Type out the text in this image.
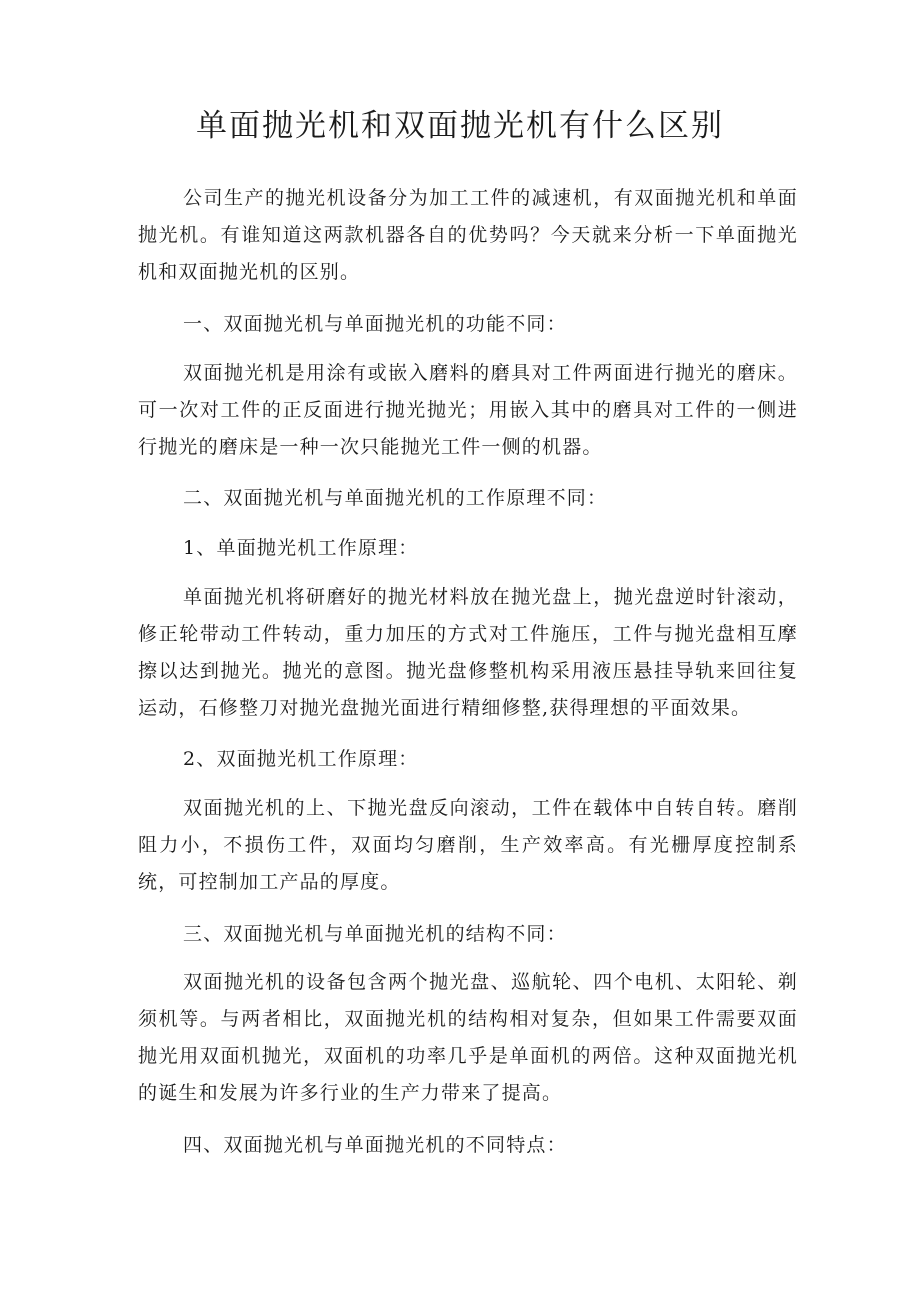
单面抛光机和双面抛光机有什么区别

公司生产的抛光机设备分为加工工件的减速机，有双面抛光机和单面抛光机。有谁知道这两款机器各自的优势吗？今天就来分析一下单面抛光机和双面抛光机的区别。

一、双面抛光机与单面抛光机的功能不同：

双面抛光机是用涂有或嵌入磨料的磨具对工件两面进行抛光的磨床。可一次对工件的正反面进行抛光抛光；用嵌入其中的磨具对工件的一侧进行抛光的磨床是一种一次只能抛光工件一侧的机器。

二、双面抛光机与单面抛光机的工作原理不同：

1、单面抛光机工作原理：

单面抛光机将研磨好的抛光材料放在抛光盘上，抛光盘逆时针滚动，修正轮带动工件转动，重力加压的方式对工件施压，工件与抛光盘相互摩擦以达到抛光。抛光的意图。抛光盘修整机构采用液压悬挂导轨来回往复运动，石修整刀对抛光盘抛光面进行精细修整,获得理想的平面效果。

2、双面抛光机工作原理：

双面抛光机的上、下抛光盘反向滚动，工件在载体中自转自转。磨削阻力小，不损伤工件，双面均匀磨削，生产效率高。有光栅厚度控制系统，可控制加工产品的厚度。

三、双面抛光机与单面抛光机的结构不同：

双面抛光机的设备包含两个抛光盘、巡航轮、四个电机、太阳轮、剃须机等。与两者相比，双面抛光机的结构相对复杂，但如果工件需要双面抛光用双面机抛光，双面机的功率几乎是单面机的两倍。这种双面抛光机的诞生和发展为许多行业的生产力带来了提高。

四、双面抛光机与单面抛光机的不同特点：
